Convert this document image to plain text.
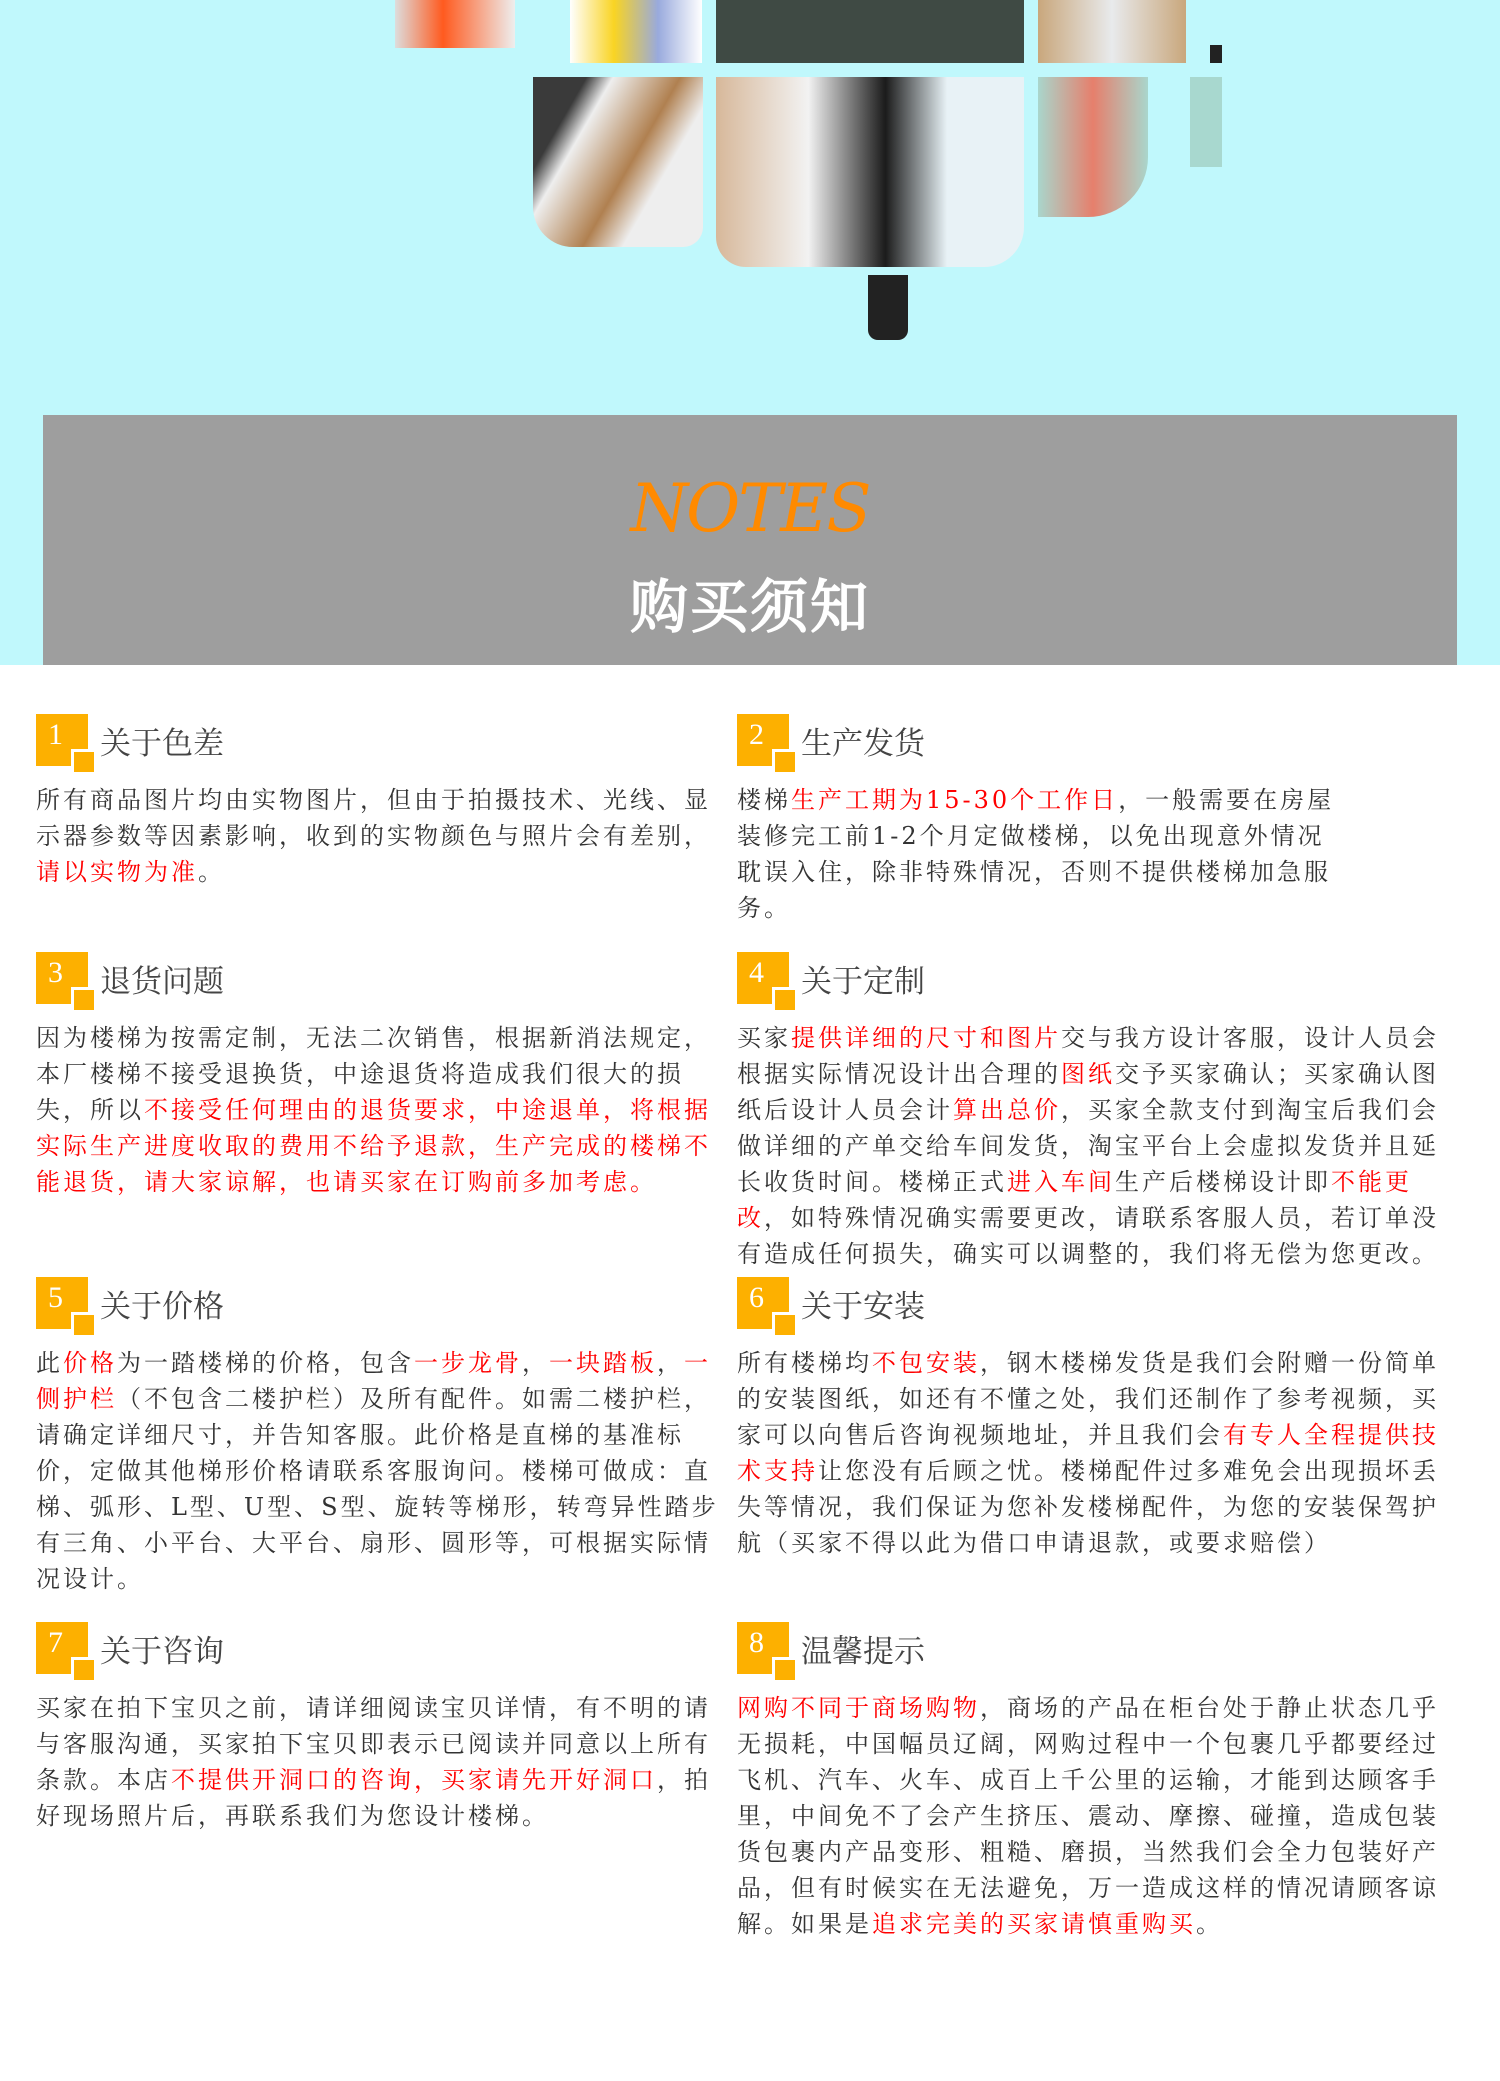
NOTES
购买须知
1 关于色差
所有商品图片均由实物图片，但由于拍摄技术、光线、显示器参数等因素影响，收到的实物颜色与照片会有差别，请以实物为准。
2 生产发货
楼梯生产工期为15-30个工作日，一般需要在房屋装修完工前1-2个月定做楼梯，以免出现意外情况耽误入住，除非特殊情况，否则不提供楼梯加急服务。
3 退货问题
因为楼梯为按需定制，无法二次销售，根据新消法规定，本厂楼梯不接受退换货，中途退货将造成我们很大的损失，所以不接受任何理由的退货要求，中途退单，将根据实际生产进度收取的费用不给予退款，生产完成的楼梯不能退货，请大家谅解，也请买家在订购前多加考虑。
4 关于定制
买家提供详细的尺寸和图片交与我方设计客服，设计人员会根据实际情况设计出合理的图纸交予买家确认；买家确认图纸后设计人员会计算出总价，买家全款支付到淘宝后我们会做详细的产单交给车间发货，淘宝平台上会虚拟发货并且延长收货时间。楼梯正式进入车间生产后楼梯设计即不能更改，如特殊情况确实需要更改，请联系客服人员，若订单没有造成任何损失，确实可以调整的，我们将无偿为您更改。
5 关于价格
此价格为一踏楼梯的价格，包含一步龙骨，一块踏板，一侧护栏（不包含二楼护栏）及所有配件。如需二楼护栏，请确定详细尺寸，并告知客服。此价格是直梯的基准标价，定做其他梯形价格请联系客服询问。楼梯可做成：直梯、弧形、L型、U型、S型、旋转等梯形，转弯异性踏步有三角、小平台、大平台、扇形、圆形等，可根据实际情况设计。
6 关于安装
所有楼梯均不包安装，钢木楼梯发货是我们会附赠一份简单的安装图纸，如还有不懂之处，我们还制作了参考视频，买家可以向售后咨询视频地址，并且我们会有专人全程提供技术支持让您没有后顾之忧。楼梯配件过多难免会出现损坏丢失等情况，我们保证为您补发楼梯配件，为您的安装保驾护航（买家不得以此为借口申请退款，或要求赔偿）
7 关于咨询
买家在拍下宝贝之前，请详细阅读宝贝详情，有不明的请与客服沟通，买家拍下宝贝即表示已阅读并同意以上所有条款。本店不提供开洞口的咨询，买家请先开好洞口，拍好现场照片后，再联系我们为您设计楼梯。
8 温馨提示
网购不同于商场购物，商场的产品在柜台处于静止状态几乎无损耗，中国幅员辽阔，网购过程中一个包裹几乎都要经过飞机、汽车、火车、成百上千公里的运输，才能到达顾客手里，中间免不了会产生挤压、震动、摩擦、碰撞，造成包装货包裹内产品变形、粗糙、磨损，当然我们会全力包装好产品，但有时候实在无法避免，万一造成这样的情况请顾客谅解。如果是追求完美的买家请慎重购买。
